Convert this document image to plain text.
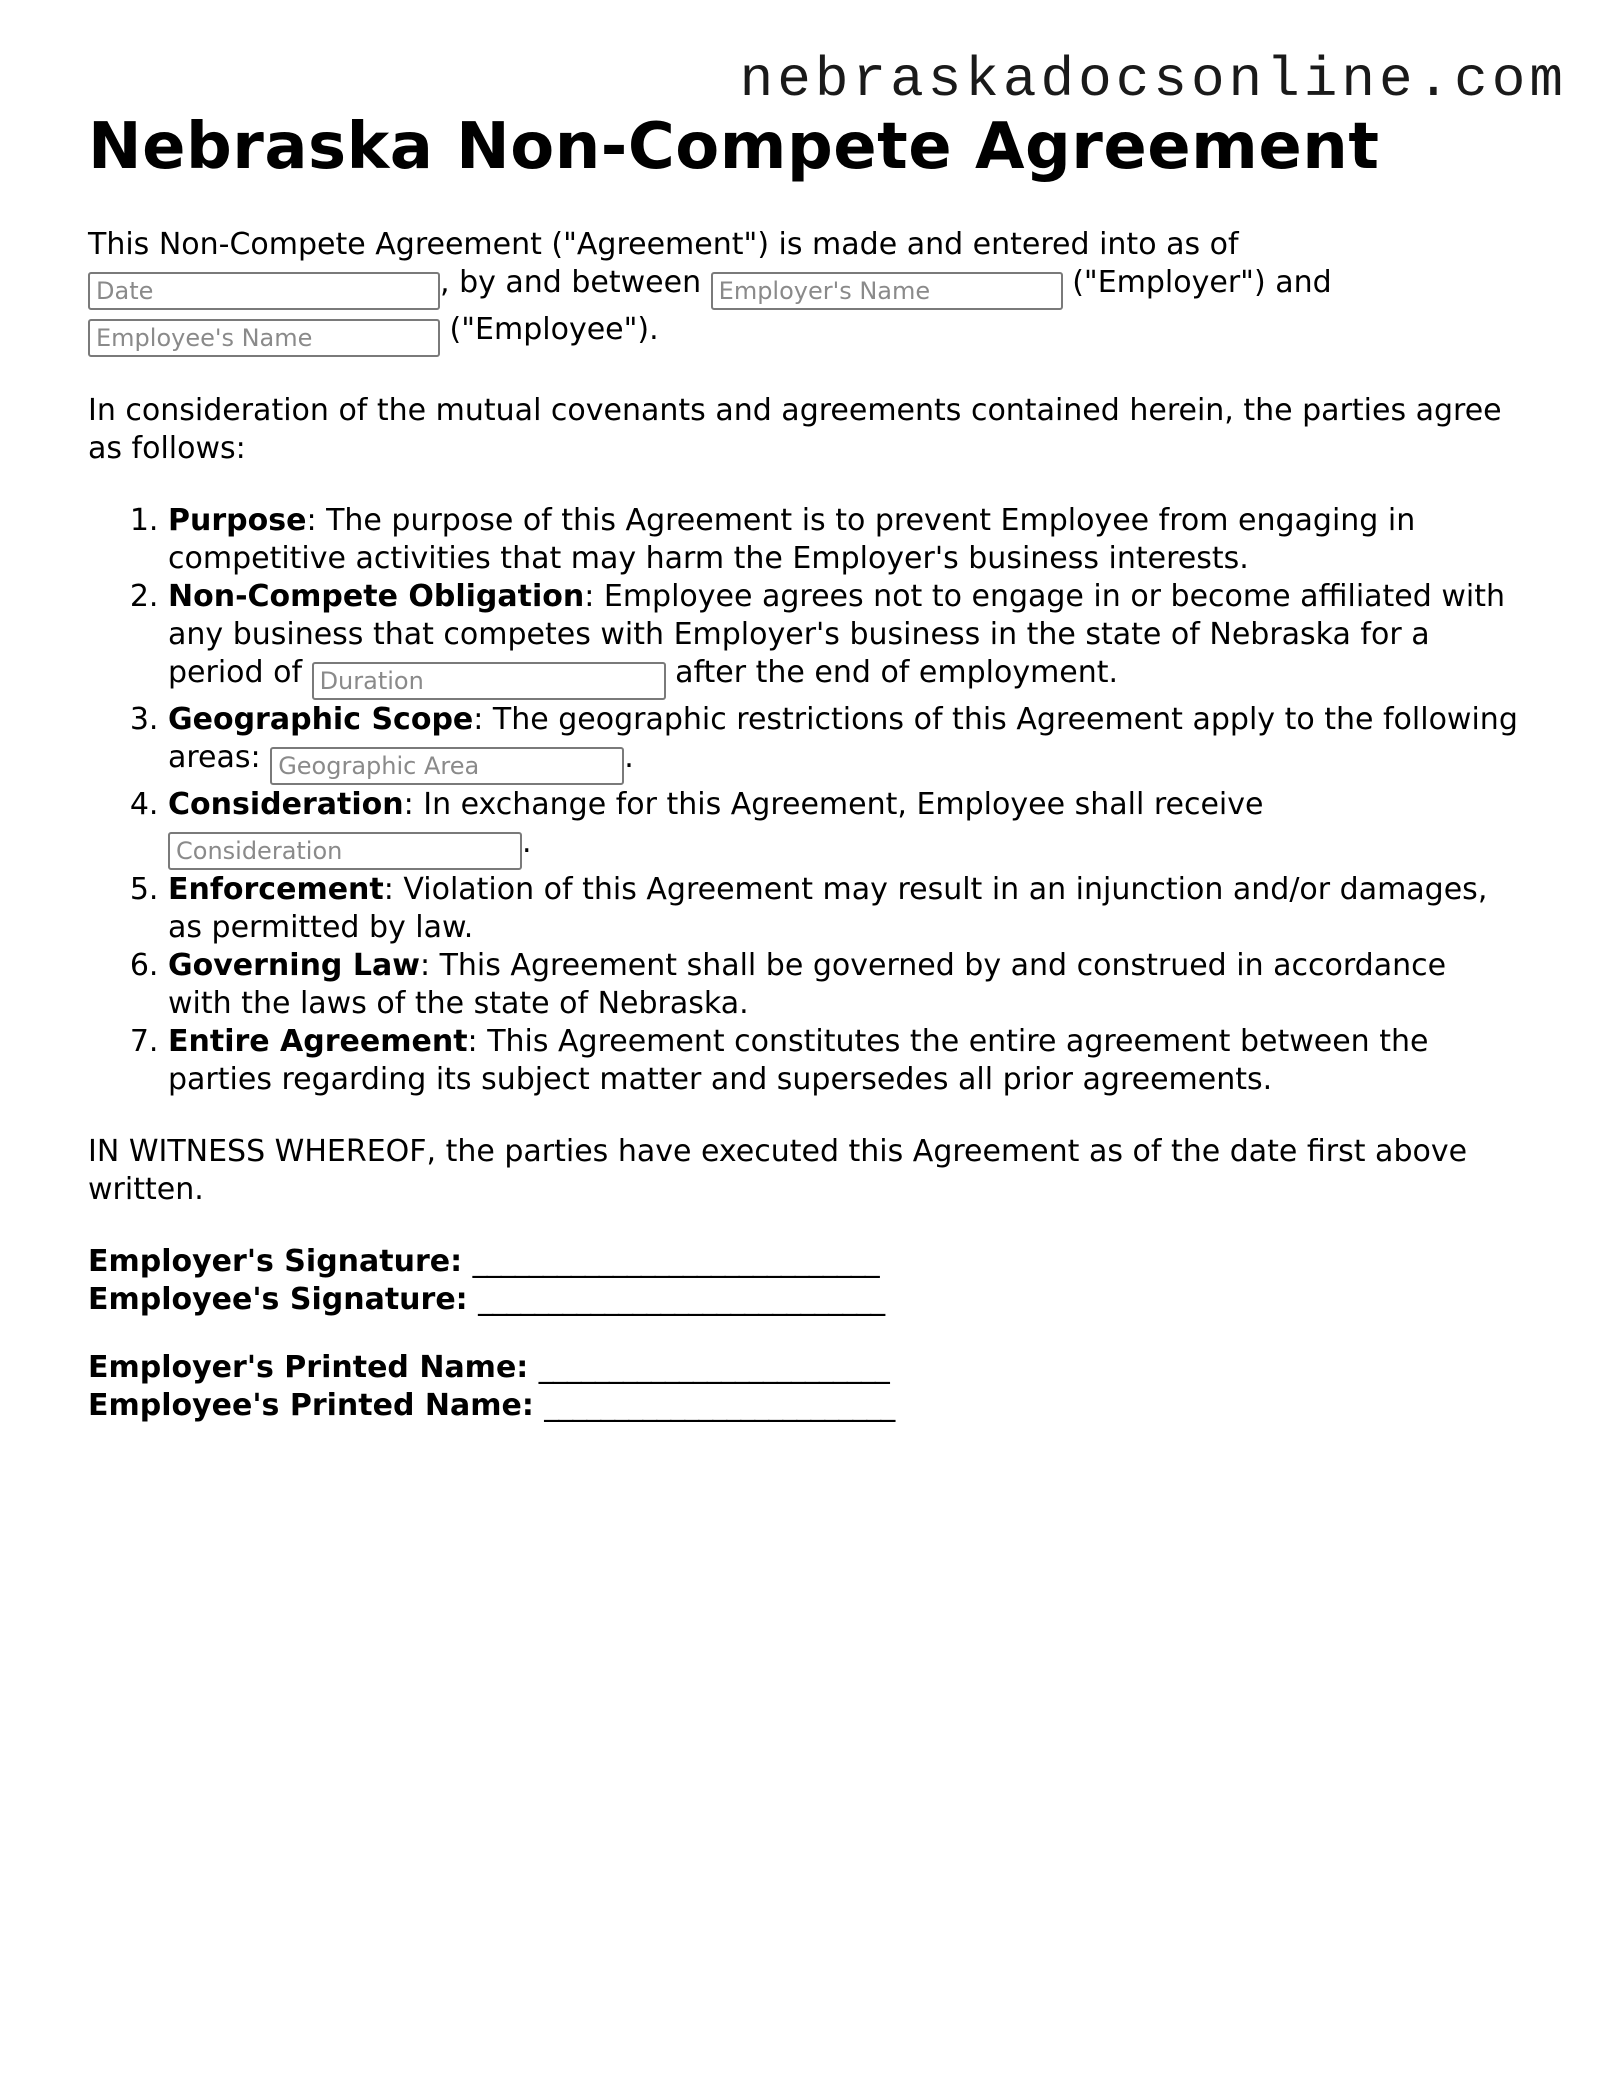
nebraskadocsonline.com
Nebraska Non-Compete Agreement

This Non-Compete Agreement ("Agreement") is made and entered into as of
Date, by and between Employer's Name	("Employer") and
Employee's Name ("Employee").

In consideration of the mutual covenants and agreements contained herein, the parties agree as follows:

1. Purpose: The purpose of this Agreement is to prevent Employee from engaging in competitive activities that may harm the Employer's business interests.
2. Non-Compete Obligation: Employee agrees not to engage in or become affiliated with any business that competes with Employer's business in the state of Nebraska for a period of Duration	after the end of employment.
3. Geographic Scope: The geographic restrictions of this Agreement apply to the following areas: Geographic Area	.
4. Consideration: In exchange for this Agreement, Employee shall receive
Consideration.
5. Enforcement: Violation of this Agreement may result in an injunction and/or damages, as permitted by law.
6. Governing Law: This Agreement shall be governed by and construed in accordance with the laws of the state of Nebraska.
7. Entire Agreement: This Agreement constitutes the entire agreement between the parties regarding its subject matter and supersedes all prior agreements.

IN WITNESS WHEREOF, the parties have executed this Agreement as of the date first above written.

Employer's Signature: _____________________________
Employee's Signature: _____________________________

Employer's Printed Name: _________________________
Employee's Printed Name: _________________________
